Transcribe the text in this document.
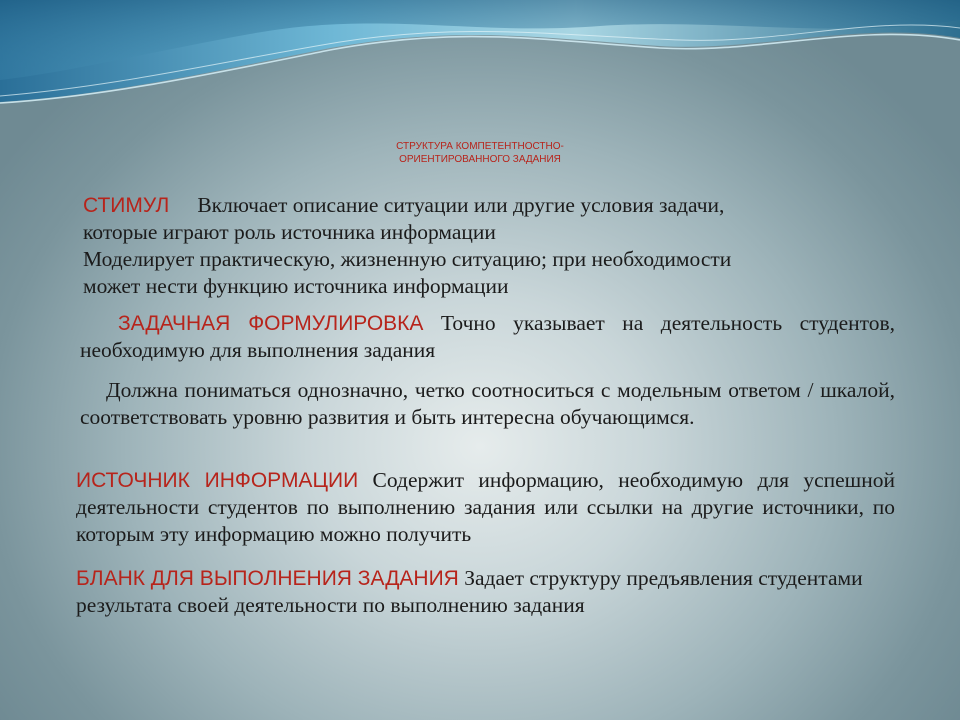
СТРУКТУРА КОМПЕТЕНТНОСТНО-
ОРИЕНТИРОВАННОГО ЗАДАНИЯ
СТИМУЛ Включает описание ситуации или другие условия задачи,
которые играют роль источника информации
Моделирует практическую, жизненную ситуацию; при необходимости
может нести функцию источника информации

ЗАДАЧНАЯ ФОРМУЛИРОВКА Точно указывает на деятельность студентов, необходимую для выполнения задания

Должна пониматься однозначно, четко соотноситься с модельным ответом / шкалой, соответствовать уровню развития и быть интересна обучающимся.

ИСТОЧНИК ИНФОРМАЦИИ Содержит информацию, необходимую для успешной деятельности студентов по выполнению задания или ссылки на другие источники, по которым эту информацию можно получить

БЛАНК ДЛЯ ВЫПОЛНЕНИЯ ЗАДАНИЯ Задает структуру предъявления студентами результата своей деятельности по выполнению задания
